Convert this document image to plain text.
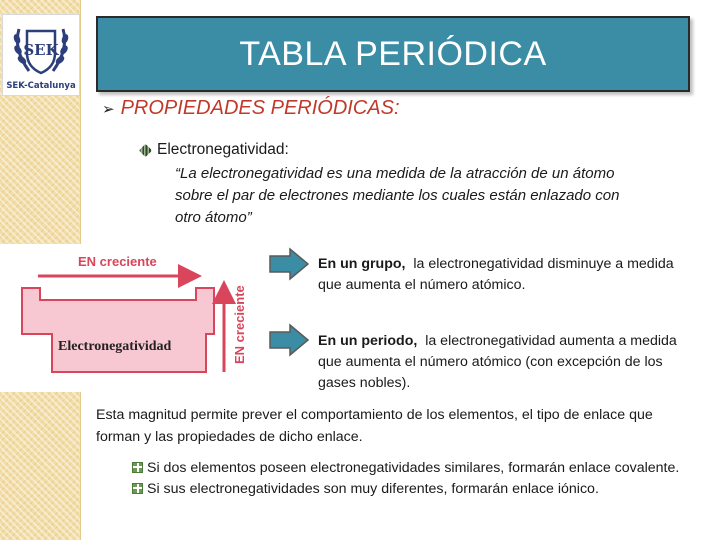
SEK
SEK-Catalunya
TABLA PERIÓDICA
➢ PROPIEDADES PERIÓDICAS:
Electronegatividad:
“La electronegatividad es una medida de la atracción de un átomo sobre el par de electrones mediante los cuales están enlazado con otro átomo”
EN creciente
Electronegatividad	EN creciente
En un grupo, la electronegatividad disminuye a medida que aumenta el número atómico.
En un periodo, la electronegatividad aumenta a medida que aumenta el número atómico (con excepción de los gases nobles).
Esta magnitud permite prever el comportamiento de los elementos, el tipo de enlace que forman y las propiedades de dicho enlace.
Si dos elementos poseen electronegatividades similares, formarán enlace covalente.
Si sus electronegatividades son muy diferentes, formarán enlace iónico.
